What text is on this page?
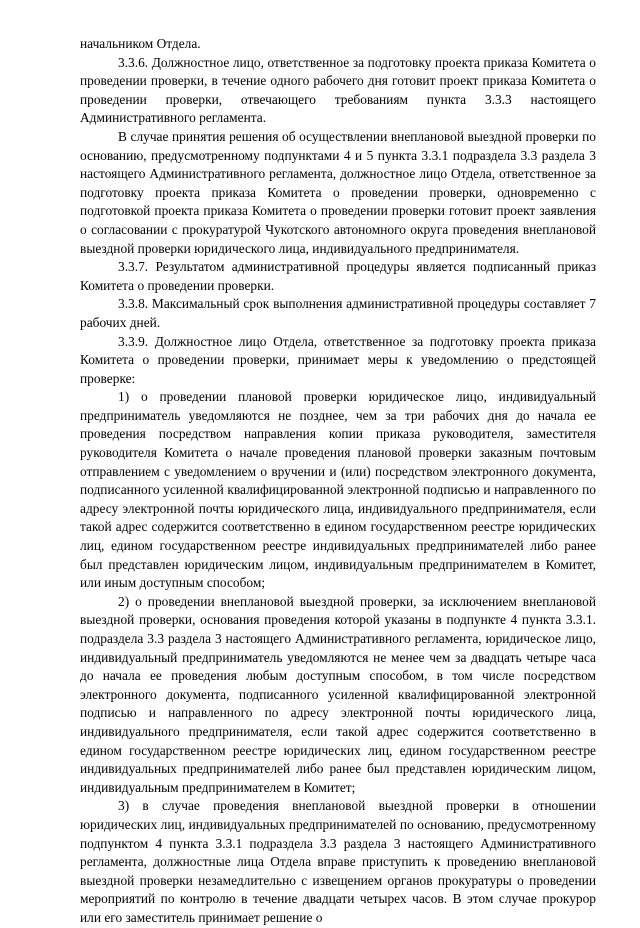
начальником Отдела.

3.3.6. Должностное лицо, ответственное за подготовку проекта приказа Комитета о проведении проверки, в течение одного рабочего дня готовит проект приказа Комитета о проведении проверки, отвечающего требованиям пункта 3.3.3 настоящего Административного регламента.

В случае принятия решения об осуществлении внеплановой выездной проверки по основанию, предусмотренному подпунктами 4 и 5 пункта 3.3.1 подраздела 3.3 раздела 3 настоящего Административного регламента, должностное лицо Отдела, ответственное за подготовку проекта приказа Комитета о проведении проверки, одновременно с подготовкой проекта приказа Комитета о проведении проверки готовит проект заявления о согласовании с прокуратурой Чукотского автономного округа проведения внеплановой выездной проверки юридического лица, индивидуального предпринимателя.

3.3.7. Результатом административной процедуры является подписанный приказ Комитета о проведении проверки.

3.3.8. Максимальный срок выполнения административной процедуры составляет 7 рабочих дней.

3.3.9. Должностное лицо Отдела, ответственное за подготовку проекта приказа Комитета о проведении проверки, принимает меры к уведомлению о предстоящей проверке:

1) о проведении плановой проверки юридическое лицо, индивидуальный предприниматель уведомляются не позднее, чем за три рабочих дня до начала ее проведения посредством направления копии приказа руководителя, заместителя руководителя Комитета о начале проведения плановой проверки заказным почтовым отправлением с уведомлением о вручении и (или) посредством электронного документа, подписанного усиленной квалифицированной электронной подписью и направленного по адресу электронной почты юридического лица, индивидуального предпринимателя, если такой адрес содержится соответственно в едином государственном реестре юридических лиц, едином государственном реестре индивидуальных предпринимателей либо ранее был представлен юридическим лицом, индивидуальным предпринимателем в Комитет, или иным доступным способом;

2) о проведении внеплановой выездной проверки, за исключением внеплановой выездной проверки, основания проведения которой указаны в подпункте 4 пункта 3.3.1. подраздела 3.3 раздела 3 настоящего Административного регламента, юридическое лицо, индивидуальный предприниматель уведомляются не менее чем за двадцать четыре часа до начала ее проведения любым доступным способом, в том числе посредством электронного документа, подписанного усиленной квалифицированной электронной подписью и направленного по адресу электронной почты юридического лица, индивидуального предпринимателя, если такой адрес содержится соответственно в едином государственном реестре юридических лиц, едином государственном реестре индивидуальных предпринимателей либо ранее был представлен юридическим лицом, индивидуальным предпринимателем в Комитет;

3) в случае проведения внеплановой выездной проверки в отношении юридических лиц, индивидуальных предпринимателей по основанию, предусмотренному подпунктом 4 пункта 3.3.1 подраздела 3.3 раздела 3 настоящего Административного регламента, должностные лица Отдела вправе приступить к проведению внеплановой выездной проверки незамедлительно с извещением органов прокуратуры о проведении мероприятий по контролю в течение двадцати четырех часов. В этом случае прокурор или его заместитель принимает решение о
